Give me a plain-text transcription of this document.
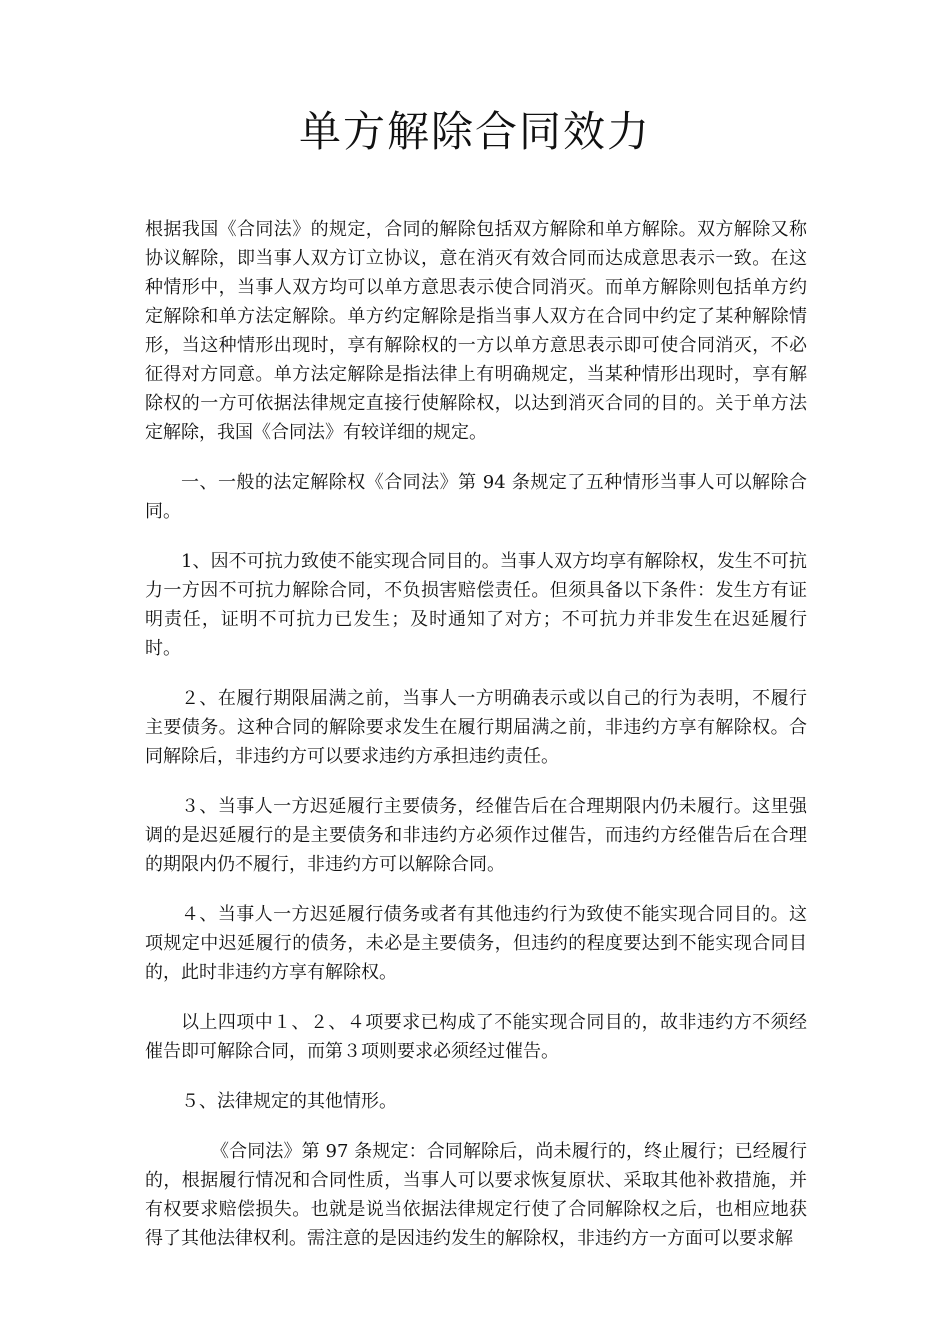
单方解除合同效力

根据我国《合同法》的规定，合同的解除包括双方解除和单方解除。双方解除又称协议解除，即当事人双方订立协议，意在消灭有效合同而达成意思表示一致。在这种情形中，当事人双方均可以单方意思表示使合同消灭。而单方解除则包括单方约定解除和单方法定解除。单方约定解除是指当事人双方在合同中约定了某种解除情形，当这种情形出现时，享有解除权的一方以单方意思表示即可使合同消灭，不必征得对方同意。单方法定解除是指法律上有明确规定，当某种情形出现时，享有解除权的一方可依据法律规定直接行使解除权，以达到消灭合同的目的。关于单方法定解除，我国《合同法》有较详细的规定。

一、一般的法定解除权《合同法》第 94 条规定了五种情形当事人可以解除合同。

1、因不可抗力致使不能实现合同目的。当事人双方均享有解除权，发生不可抗力一方因不可抗力解除合同，不负损害赔偿责任。但须具备以下条件：发生方有证明责任，证明不可抗力已发生；及时通知了对方；不可抗力并非发生在迟延履行时。

２、在履行期限届满之前，当事人一方明确表示或以自己的行为表明，不履行主要债务。这种合同的解除要求发生在履行期届满之前，非违约方享有解除权。合同解除后，非违约方可以要求违约方承担违约责任。

３、当事人一方迟延履行主要债务，经催告后在合理期限内仍未履行。这里强调的是迟延履行的是主要债务和非违约方必须作过催告，而违约方经催告后在合理的期限内仍不履行，非违约方可以解除合同。

４、当事人一方迟延履行债务或者有其他违约行为致使不能实现合同目的。这项规定中迟延履行的债务，未必是主要债务，但违约的程度要达到不能实现合同目的，此时非违约方享有解除权。

以上四项中１、２、４项要求已构成了不能实现合同目的，故非违约方不须经催告即可解除合同，而第３项则要求必须经过催告。

５、法律规定的其他情形。

《合同法》第 97 条规定：合同解除后，尚未履行的，终止履行；已经履行的，根据履行情况和合同性质，当事人可以要求恢复原状、采取其他补救措施，并有权要求赔偿损失。也就是说当依据法律规定行使了合同解除权之后，也相应地获得了其他法律权利。需注意的是因违约发生的解除权，非违约方一方面可以要求解
